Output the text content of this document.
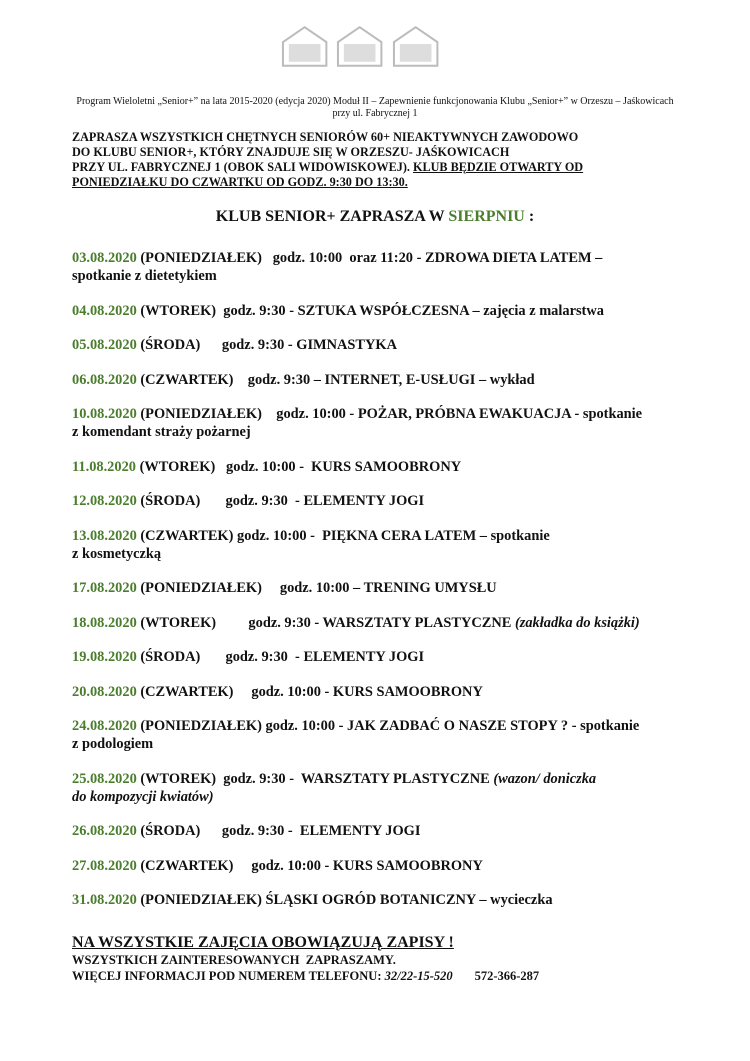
Program Wieloletni „Senior+” na lata 2015-2020 (edycja 2020) Moduł II – Zapewnienie funkcjonowania Klubu „Senior+” w Orzeszu – Jaśkowicach
przy ul. Fabrycznej 1
ZAPRASZA WSZYSTKICH CHĘTNYCH SENIORÓW 60+ NIEAKTYWNYCH ZAWODOWO
DO KLUBU SENIOR+, KTÓRY ZNAJDUJE SIĘ W ORZESZU- JAŚKOWICACH
PRZY UL. FABRYCZNEJ 1 (OBOK SALI WIDOWISKOWEJ). KLUB BĘDZIE OTWARTY OD
PONIEDZIAŁKU DO CZWARTKU OD GODZ. 9:30 DO 13:30.
KLUB SENIOR+ ZAPRASZA W SIERPNIU :
03.08.2020 (PONIEDZIAŁEK)   godz. 10:00  oraz 11:20 - ZDROWA DIETA LATEM –
spotkanie z dietetykiem
04.08.2020 (WTOREK)  godz. 9:30 - SZTUKA WSPÓŁCZESNA – zajęcia z malarstwa
05.08.2020 (ŚRODA)      godz. 9:30 - GIMNASTYKA
06.08.2020 (CZWARTEK)    godz. 9:30 – INTERNET, E-USŁUGI – wykład
10.08.2020 (PONIEDZIAŁEK)    godz. 10:00 - POŻAR, PRÓBNA EWAKUACJA - spotkanie
z komendant straży pożarnej
11.08.2020 (WTOREK)   godz. 10:00 -  KURS SAMOOBRONY
12.08.2020 (ŚRODA)       godz. 9:30  - ELEMENTY JOGI
13.08.2020 (CZWARTEK) godz. 10:00 -  PIĘKNA CERA LATEM – spotkanie
z kosmetyczką
17.08.2020 (PONIEDZIAŁEK)     godz. 10:00 – TRENING UMYSŁU
18.08.2020 (WTOREK)         godz. 9:30 - WARSZTATY PLASTYCZNE (zakładka do książki)
19.08.2020 (ŚRODA)       godz. 9:30  - ELEMENTY JOGI
20.08.2020 (CZWARTEK)     godz. 10:00 - KURS SAMOOBRONY
24.08.2020 (PONIEDZIAŁEK) godz. 10:00 - JAK ZADBAĆ O NASZE STOPY ? - spotkanie
z podologiem
25.08.2020 (WTOREK)  godz. 9:30 -  WARSZTATY PLASTYCZNE (wazon/ doniczka
do kompozycji kwiatów)
26.08.2020 (ŚRODA)      godz. 9:30 -  ELEMENTY JOGI
27.08.2020 (CZWARTEK)     godz. 10:00 - KURS SAMOOBRONY
31.08.2020 (PONIEDZIAŁEK) ŚLĄSKI OGRÓD BOTANICZNY – wycieczka
NA WSZYSTKIE ZAJĘCIA OBOWIĄZUJĄ ZAPISY !
WSZYSTKICH ZAINTERESOWANYCH  ZAPRASZAMY.
WIĘCEJ INFORMACJI POD NUMEREM TELEFONU: 32/22-15-520       572-366-287
